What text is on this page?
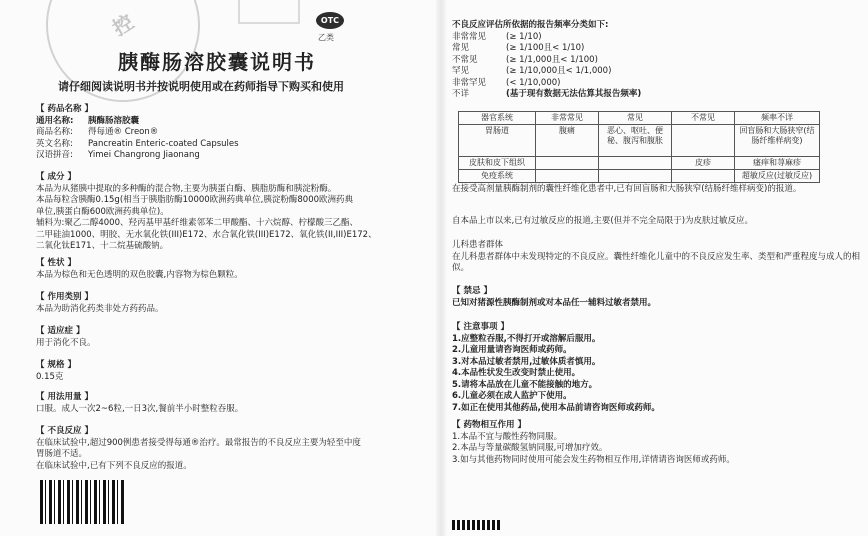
控	OTC
乙类
胰酶肠溶胶囊说明书
请仔细阅读说明书并按说明使用或在药师指导下购买和使用
【 药品名称 】
通用名称:	胰酶肠溶胶囊
商品名称:	得每通® Creon®
英文名称:	Pancreatin Enteric-coated Capsules
汉语拼音:	Yimei Changrong Jiaonang
【 成分 】

本品为从猪胰中提取的多种酶的混合物,主要为胰蛋白酶、胰脂肪酶和胰淀粉酶。

本品每粒含胰酶0.15g(相当于胰脂肪酶10000欧洲药典单位,胰淀粉酶8000欧洲药典

单位,胰蛋白酶600欧洲药典单位)。

辅料为:聚乙二醇4000、羟丙基甲基纤维素邻苯二甲酸酯、十六烷醇、柠檬酸三乙酯、

二甲硅油1000、明胶、无水氧化铁(III)E172、水合氧化铁(III)E172、氧化铁(II,III)E172、

二氧化钛E171、十二烷基硫酸钠。

【 性状 】

本品为棕色和无色透明的双色胶囊,内容物为棕色颗粒。

【 作用类别 】

本品为助消化药类非处方药药品。

【 适应症 】

用于消化不良。

【 规格 】

0.15克

【 用法用量 】

口服。成人一次2~6粒,一日3次,餐前半小时整粒吞服。

【 不良反应 】

在临床试验中,超过900例患者接受得每通®治疗。最常报告的不良反应主要为轻至中度

胃肠道不适。

在临床试验中,已有下列不良反应的报道。

不良反应评估所依据的报告频率分类如下:

非常常见	(≥ 1/10)
常见	(≥ 1/100且< 1/10)
不常见	(≥ 1/1,000且< 1/100)
罕见	(≥ 1/10,000且< 1/1,000)
非常罕见	(< 1/10,000)
不详	(基于现有数据无法估算其报告频率)
器官系统	非常常见	常见	不常见	频率不详
胃肠道	腹痛	恶心、呕吐、便秘、腹泻和腹胀		回盲肠和大肠狭窄(结肠纤维样病变)
皮肤和皮下组织			皮疹	瘙痒和荨麻疹
免疫系统				超敏反应(过敏反应)

在接受高剂量胰酶制剂的囊性纤维化患者中,已有回盲肠和大肠狭窄(结肠纤维样病变)的报道。

自本品上市以来,已有过敏反应的报道,主要(但并不完全局限于)为皮肤过敏反应。

儿科患者群体

在儿科患者群体中未发现特定的不良反应。囊性纤维化儿童中的不良反应发生率、类型和严重程度与成人的相似。

【 禁忌 】

已知对猪源性胰酶制剂或对本品任一辅料过敏者禁用。

【 注意事项 】

1.应整粒吞服,不得打开或溶解后服用。

2.儿童用量请咨询医师或药师。

3.对本品过敏者禁用,过敏体质者慎用。

4.本品性状发生改变时禁止使用。

5.请将本品放在儿童不能接触的地方。

6.儿童必须在成人监护下使用。

7.如正在使用其他药品,使用本品前请咨询医师或药师。

【 药物相互作用 】

1.本品不宜与酸性药物同服。

2.本品与等量碳酸氢钠同服,可增加疗效。

3.如与其他药物同时使用可能会发生药物相互作用,详情请咨询医师或药师。
